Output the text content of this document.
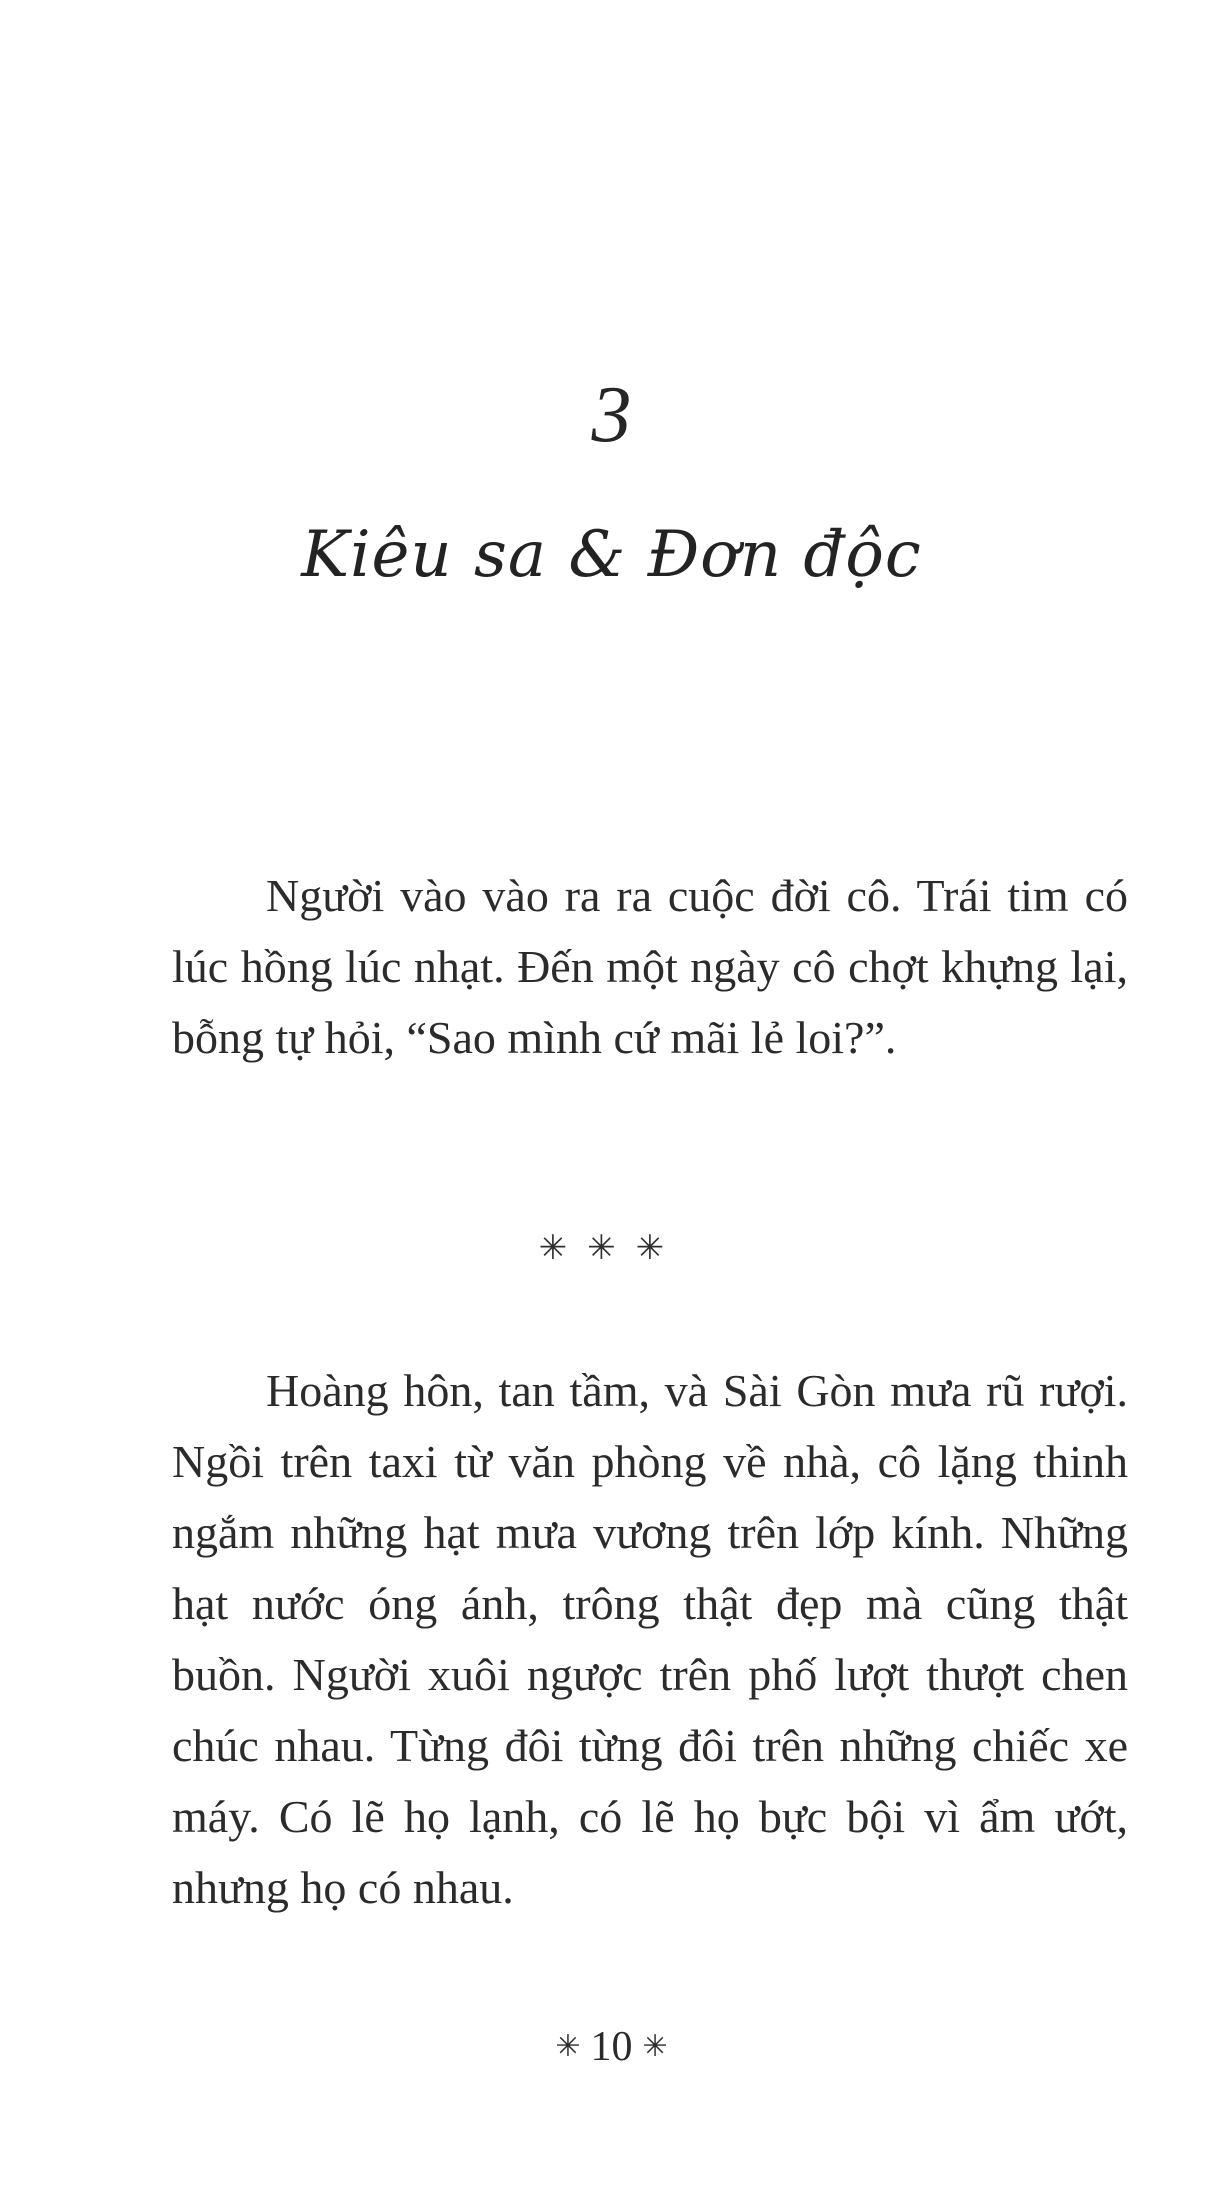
3
Kiêu sa & Đơn độc

Người vào vào ra ra cuộc đời cô. Trái tim có lúc hồng lúc nhạt. Đến một ngày cô chợt khựng lại, bỗng tự hỏi, “Sao mình cứ mãi lẻ loi?”.

✳✳✳

Hoàng hôn, tan tầm, và Sài Gòn mưa rũ rượi. Ngồi trên taxi từ văn phòng về nhà, cô lặng thinh ngắm những hạt mưa vương trên lớp kính. Những hạt nước óng ánh, trông thật đẹp mà cũng thật buồn. Người xuôi ngược trên phố lượt thượt chen chúc nhau. Từng đôi từng đôi trên những chiếc xe máy. Có lẽ họ lạnh, có lẽ họ bực bội vì ẩm ướt, nhưng họ có nhau.

✳ 10 ✳
